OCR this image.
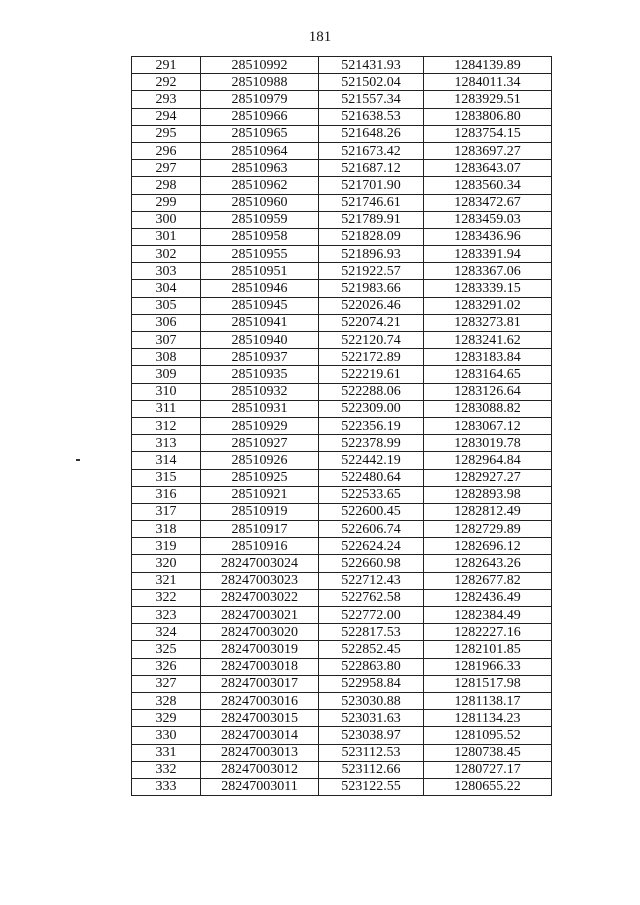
181
291	28510992	521431.93	1284139.89
292	28510988	521502.04	1284011.34
293	28510979	521557.34	1283929.51
294	28510966	521638.53	1283806.80
295	28510965	521648.26	1283754.15
296	28510964	521673.42	1283697.27
297	28510963	521687.12	1283643.07
298	28510962	521701.90	1283560.34
299	28510960	521746.61	1283472.67
300	28510959	521789.91	1283459.03
301	28510958	521828.09	1283436.96
302	28510955	521896.93	1283391.94
303	28510951	521922.57	1283367.06
304	28510946	521983.66	1283339.15
305	28510945	522026.46	1283291.02
306	28510941	522074.21	1283273.81
307	28510940	522120.74	1283241.62
308	28510937	522172.89	1283183.84
309	28510935	522219.61	1283164.65
310	28510932	522288.06	1283126.64
311	28510931	522309.00	1283088.82
312	28510929	522356.19	1283067.12
313	28510927	522378.99	1283019.78
314	28510926	522442.19	1282964.84
315	28510925	522480.64	1282927.27
316	28510921	522533.65	1282893.98
317	28510919	522600.45	1282812.49
318	28510917	522606.74	1282729.89
319	28510916	522624.24	1282696.12
320	28247003024	522660.98	1282643.26
321	28247003023	522712.43	1282677.82
322	28247003022	522762.58	1282436.49
323	28247003021	522772.00	1282384.49
324	28247003020	522817.53	1282227.16
325	28247003019	522852.45	1282101.85
326	28247003018	522863.80	1281966.33
327	28247003017	522958.84	1281517.98
328	28247003016	523030.88	1281138.17
329	28247003015	523031.63	1281134.23
330	28247003014	523038.97	1281095.52
331	28247003013	523112.53	1280738.45
332	28247003012	523112.66	1280727.17
333	28247003011	523122.55	1280655.22
